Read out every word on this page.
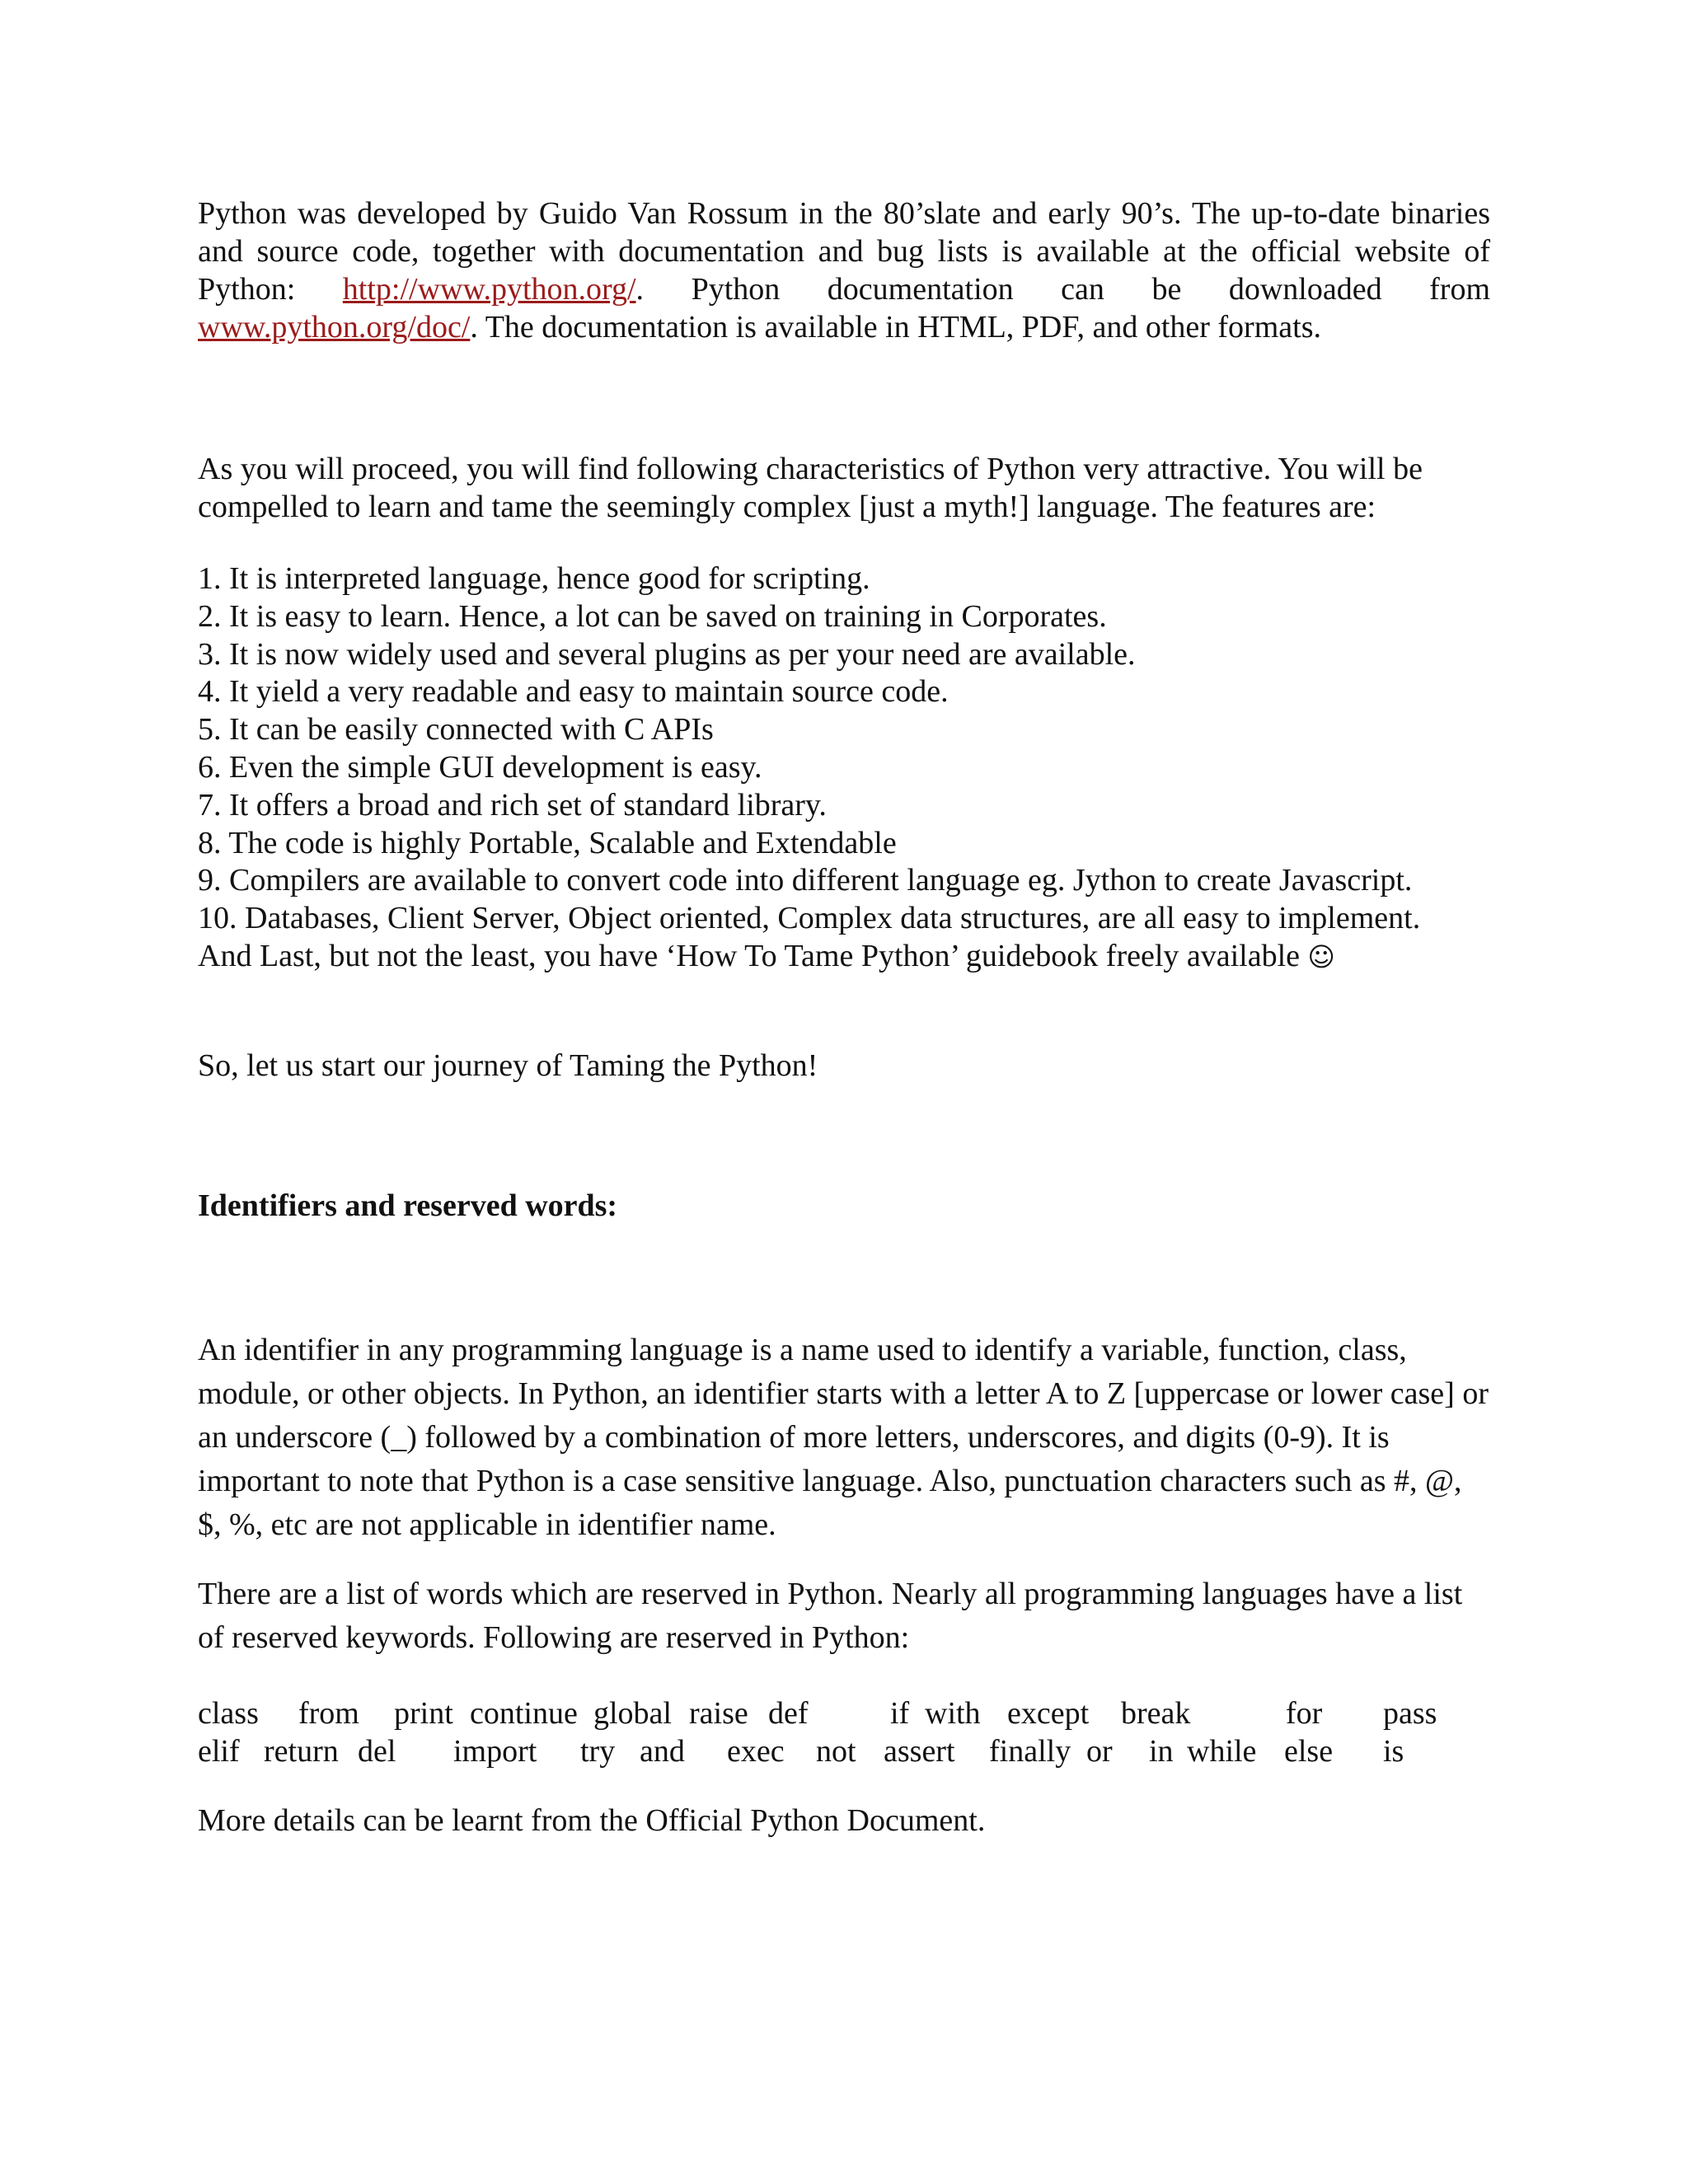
Python was developed by Guido Van Rossum in the 80’slate and early 90’s. The up-to-date binaries and source code, together with documentation and bug lists is available at the official website of Python: http://www.python.org/. Python documentation can be downloaded from www.python.org/doc/. The documentation is available in HTML, PDF, and other formats.

As you will proceed, you will find following characteristics of Python very attractive. You will be compelled to learn and tame the seemingly complex [just a myth!] language. The features are:

1. It is interpreted language, hence good for scripting.
2. It is easy to learn. Hence, a lot can be saved on training in Corporates.
3. It is now widely used and several plugins as per your need are available.
4. It yield a very readable and easy to maintain source code.
5. It can be easily connected with C APIs
6. Even the simple GUI development is easy.
7. It offers a broad and rich set of standard library.
8. The code is highly Portable, Scalable and Extendable
9. Compilers are available to convert code into different language eg. Jython to create Javascript.
10. Databases, Client Server, Object oriented, Complex data structures, are all easy to implement.
And Last, but not the least, you have ‘How To Tame Python’ guidebook freely available ☺

So, let us start our journey of Taming the Python!

Identifiers and reserved words:

An identifier in any programming language is a name used to identify a variable, function, class, module, or other objects. In Python, an identifier starts with a letter A to Z [uppercase or lower case] or an underscore (_) followed by a combination of more letters, underscores, and digits (0-9). It is important to note that Python is a case sensitive language. Also, punctuation characters such as #, @, $, %, etc are not applicable in identifier name.

There are a list of words which are reserved in Python. Nearly all programming languages have a list of reserved keywords. Following are reserved in Python:

class from print continue global raise def	if with except break	for pass
elif return del import try and exec not assert finally or in while else is

More details can be learnt from the Official Python Document.
